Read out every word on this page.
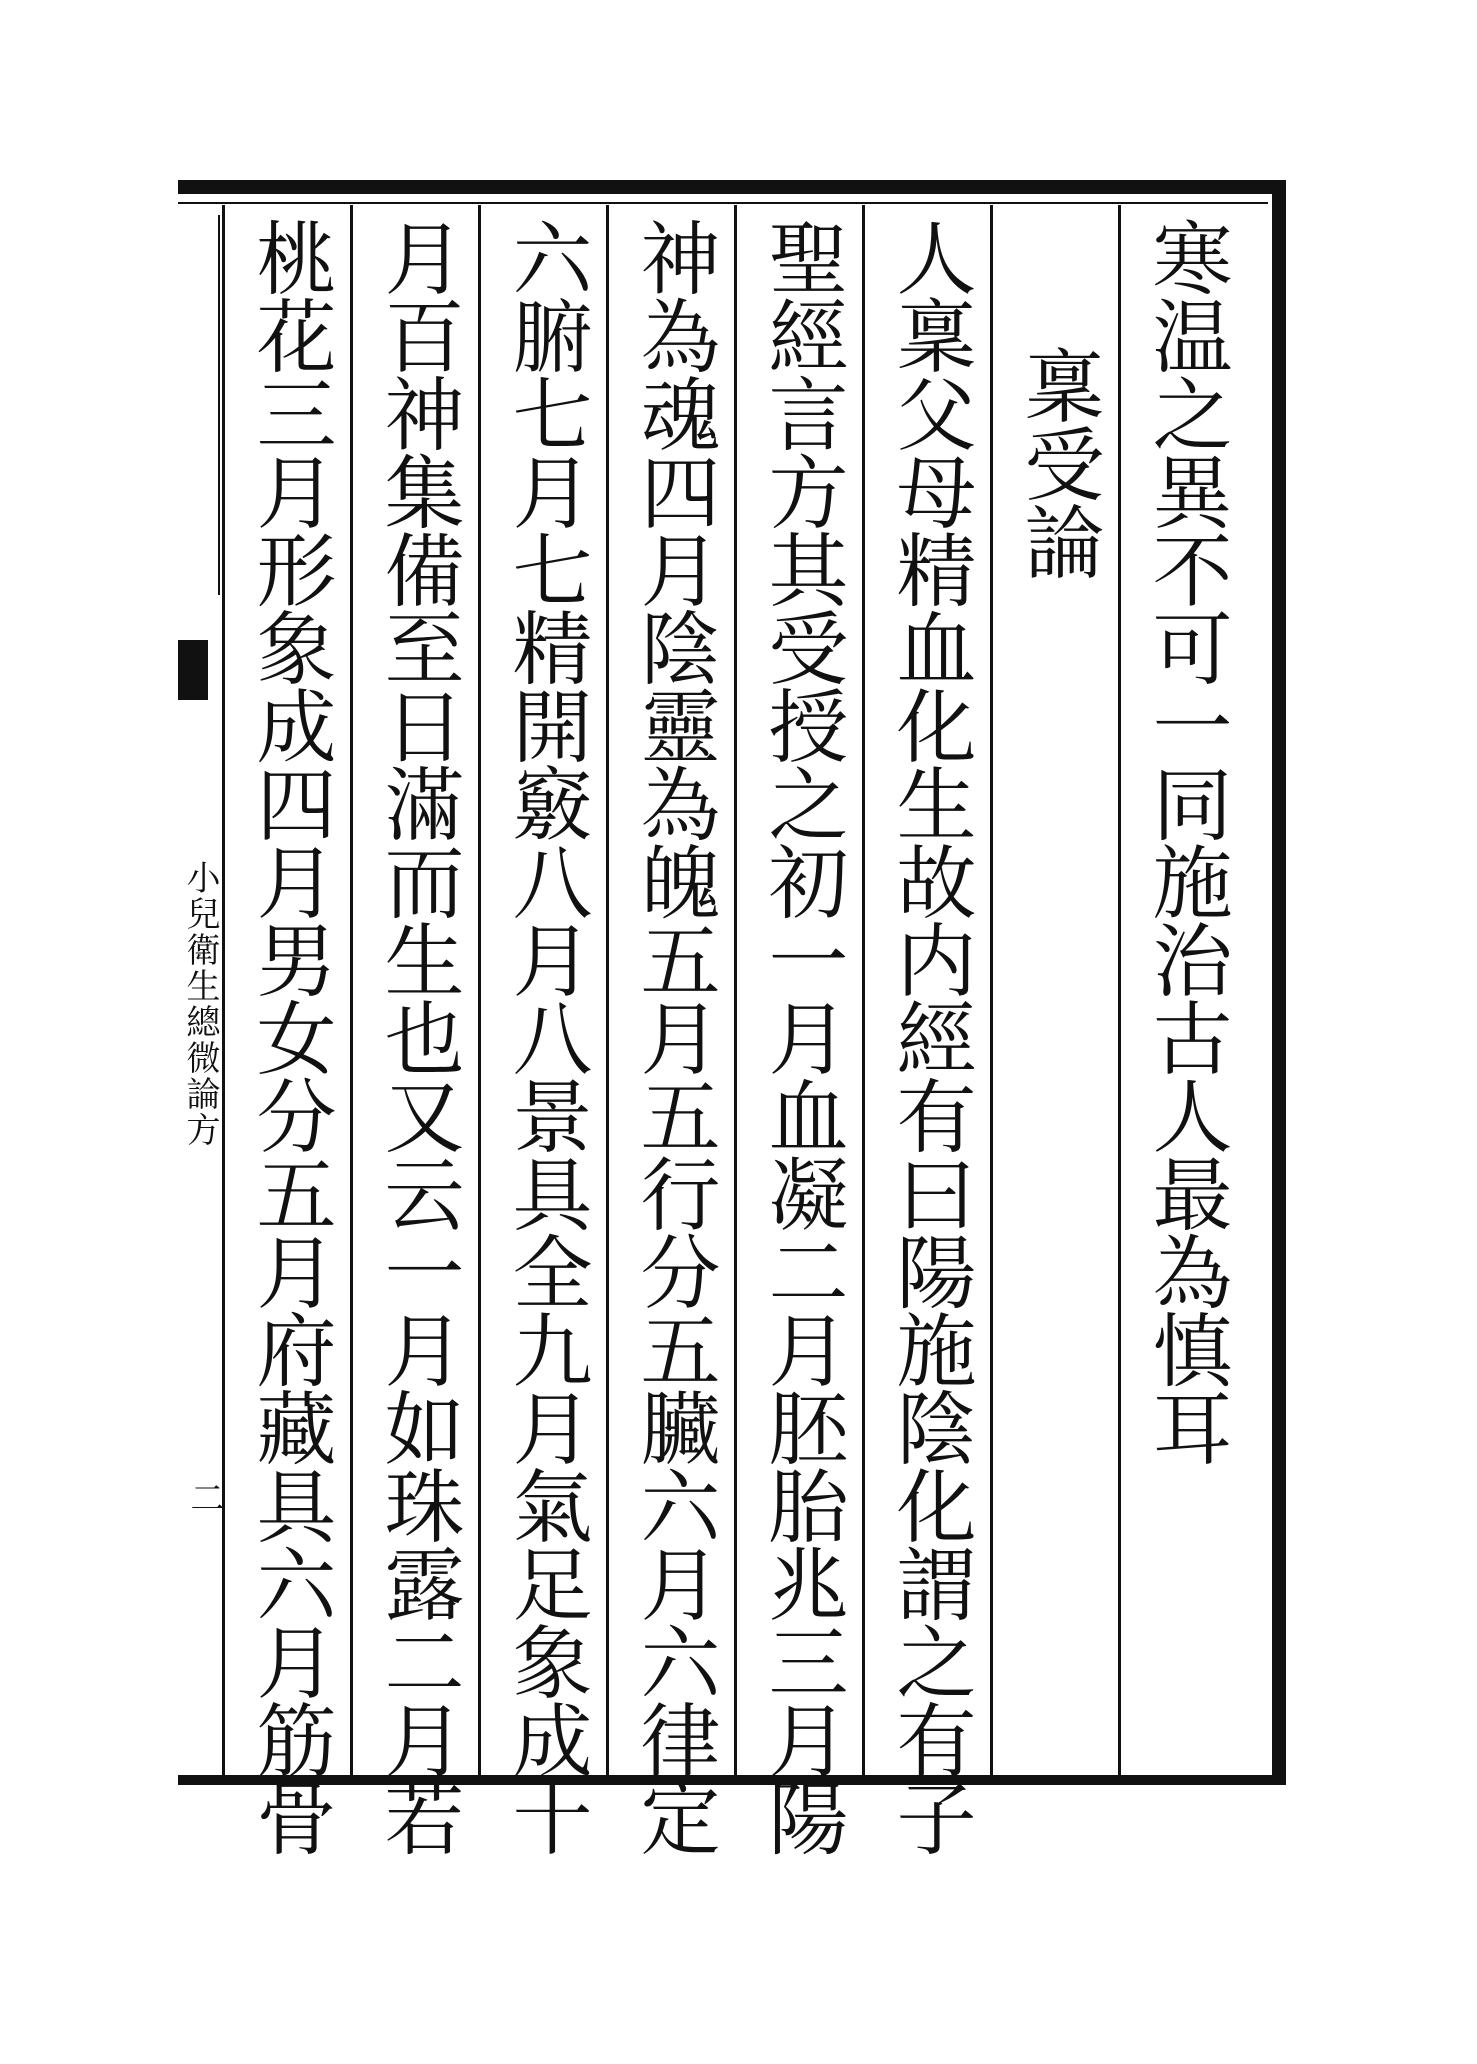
小兒衛生總微論方
二
寒温之異不可一同施治古人最為慎耳
稟受論
人稟父母精血化生故内經有曰陽施陰化謂之有子
聖經言方其受授之初一月血凝二月胚胎兆三月陽
神為魂四月陰靈為魄五月五行分五臟六月六律定
六腑七月七精開竅八月八景具全九月氣足象成十
月百神集備至日滿而生也又云一月如珠露二月若
桃花三月形象成四月男女分五月府藏具六月筋骨
